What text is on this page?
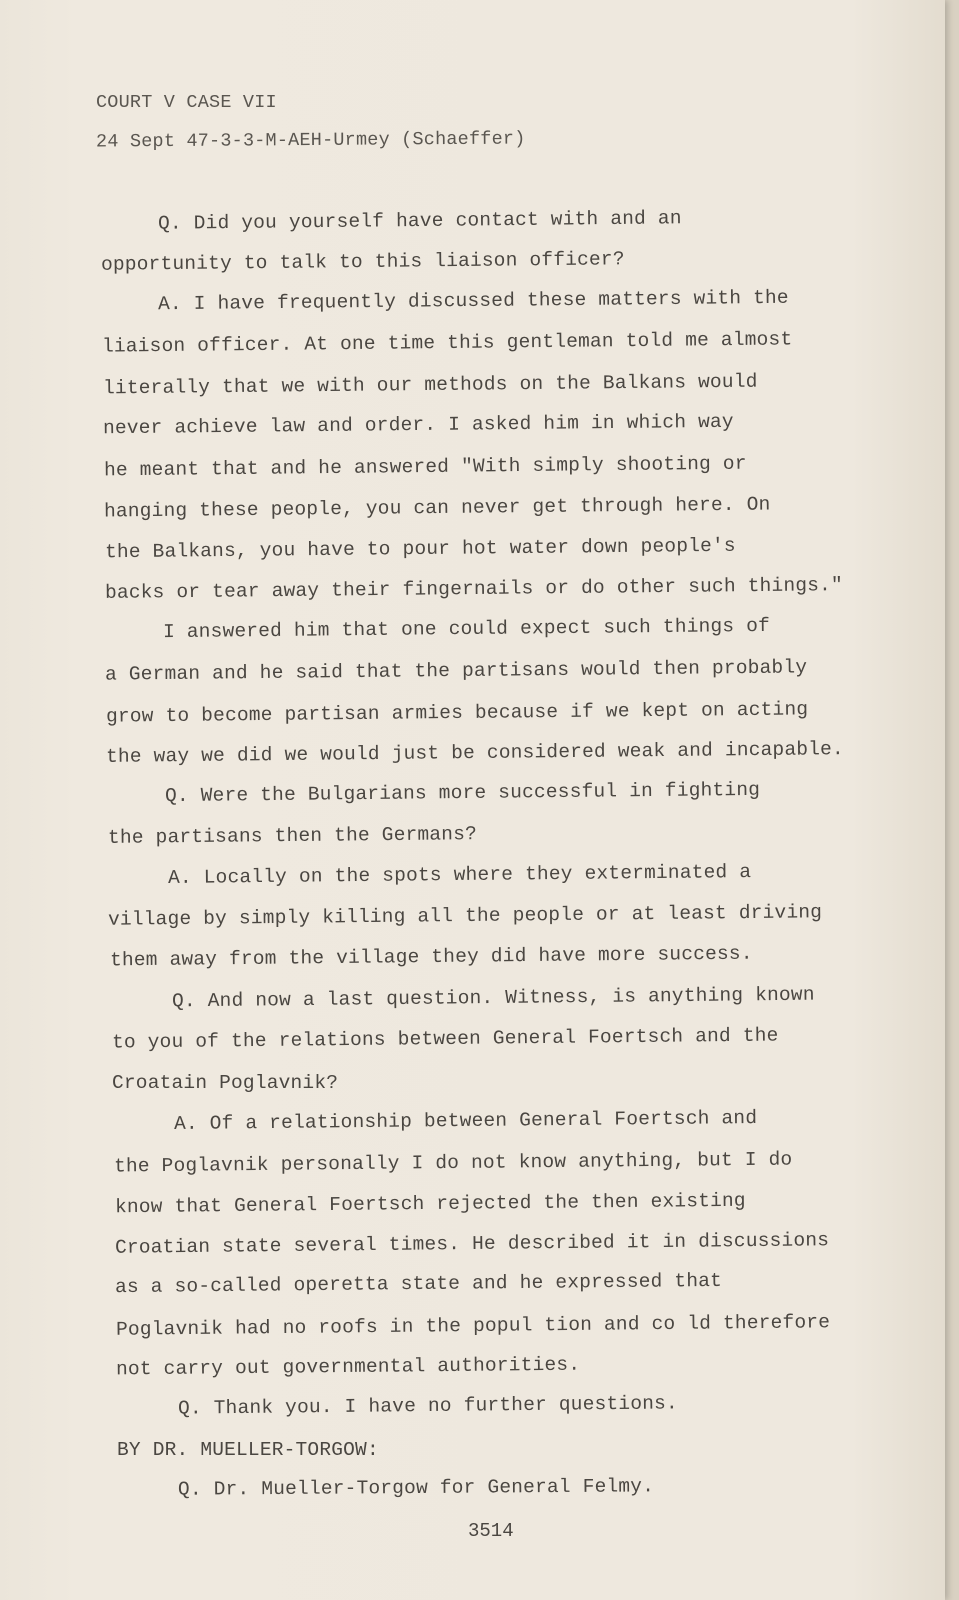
COURT V CASE VII
24 Sept 47-3-3-M-AEH-Urmey (Schaeffer)
Q. Did you yourself have contact with and an
opportunity to talk to this liaison officer?
A. I have frequently discussed these matters with the
liaison officer. At one time this gentleman told me almost
literally that we with our methods on the Balkans would
never achieve law and order. I asked him in which way
he meant that and he answered "With simply shooting or
hanging these people, you can never get through here. On
the Balkans, you have to pour hot water down people's
backs or tear away their fingernails or do other such things."
I answered him that one could expect such things of
a German and he said that the partisans would then probably
grow to become partisan armies because if we kept on acting
the way we did we would just be considered weak and incapable.
Q. Were the Bulgarians more successful in fighting
the partisans then the Germans?
A. Locally on the spots where they exterminated a
village by simply killing all the people or at least driving
them away from the village they did have more success.
Q. And now a last question. Witness, is anything known
to you of the relations between General Foertsch and the
Croatain Poglavnik?
A. Of a relationship between General Foertsch and
the Poglavnik personally I do not know anything, but I do
know that General Foertsch rejected the then existing
Croatian state several times. He described it in discussions
as a so-called operetta state and he expressed that
Poglavnik had no roofs in the popul tion and co ld therefore
not carry out governmental authorities.
Q. Thank you. I have no further questions.
BY DR. MUELLER-TORGOW:
Q. Dr. Mueller-Torgow for General Felmy.
3514
